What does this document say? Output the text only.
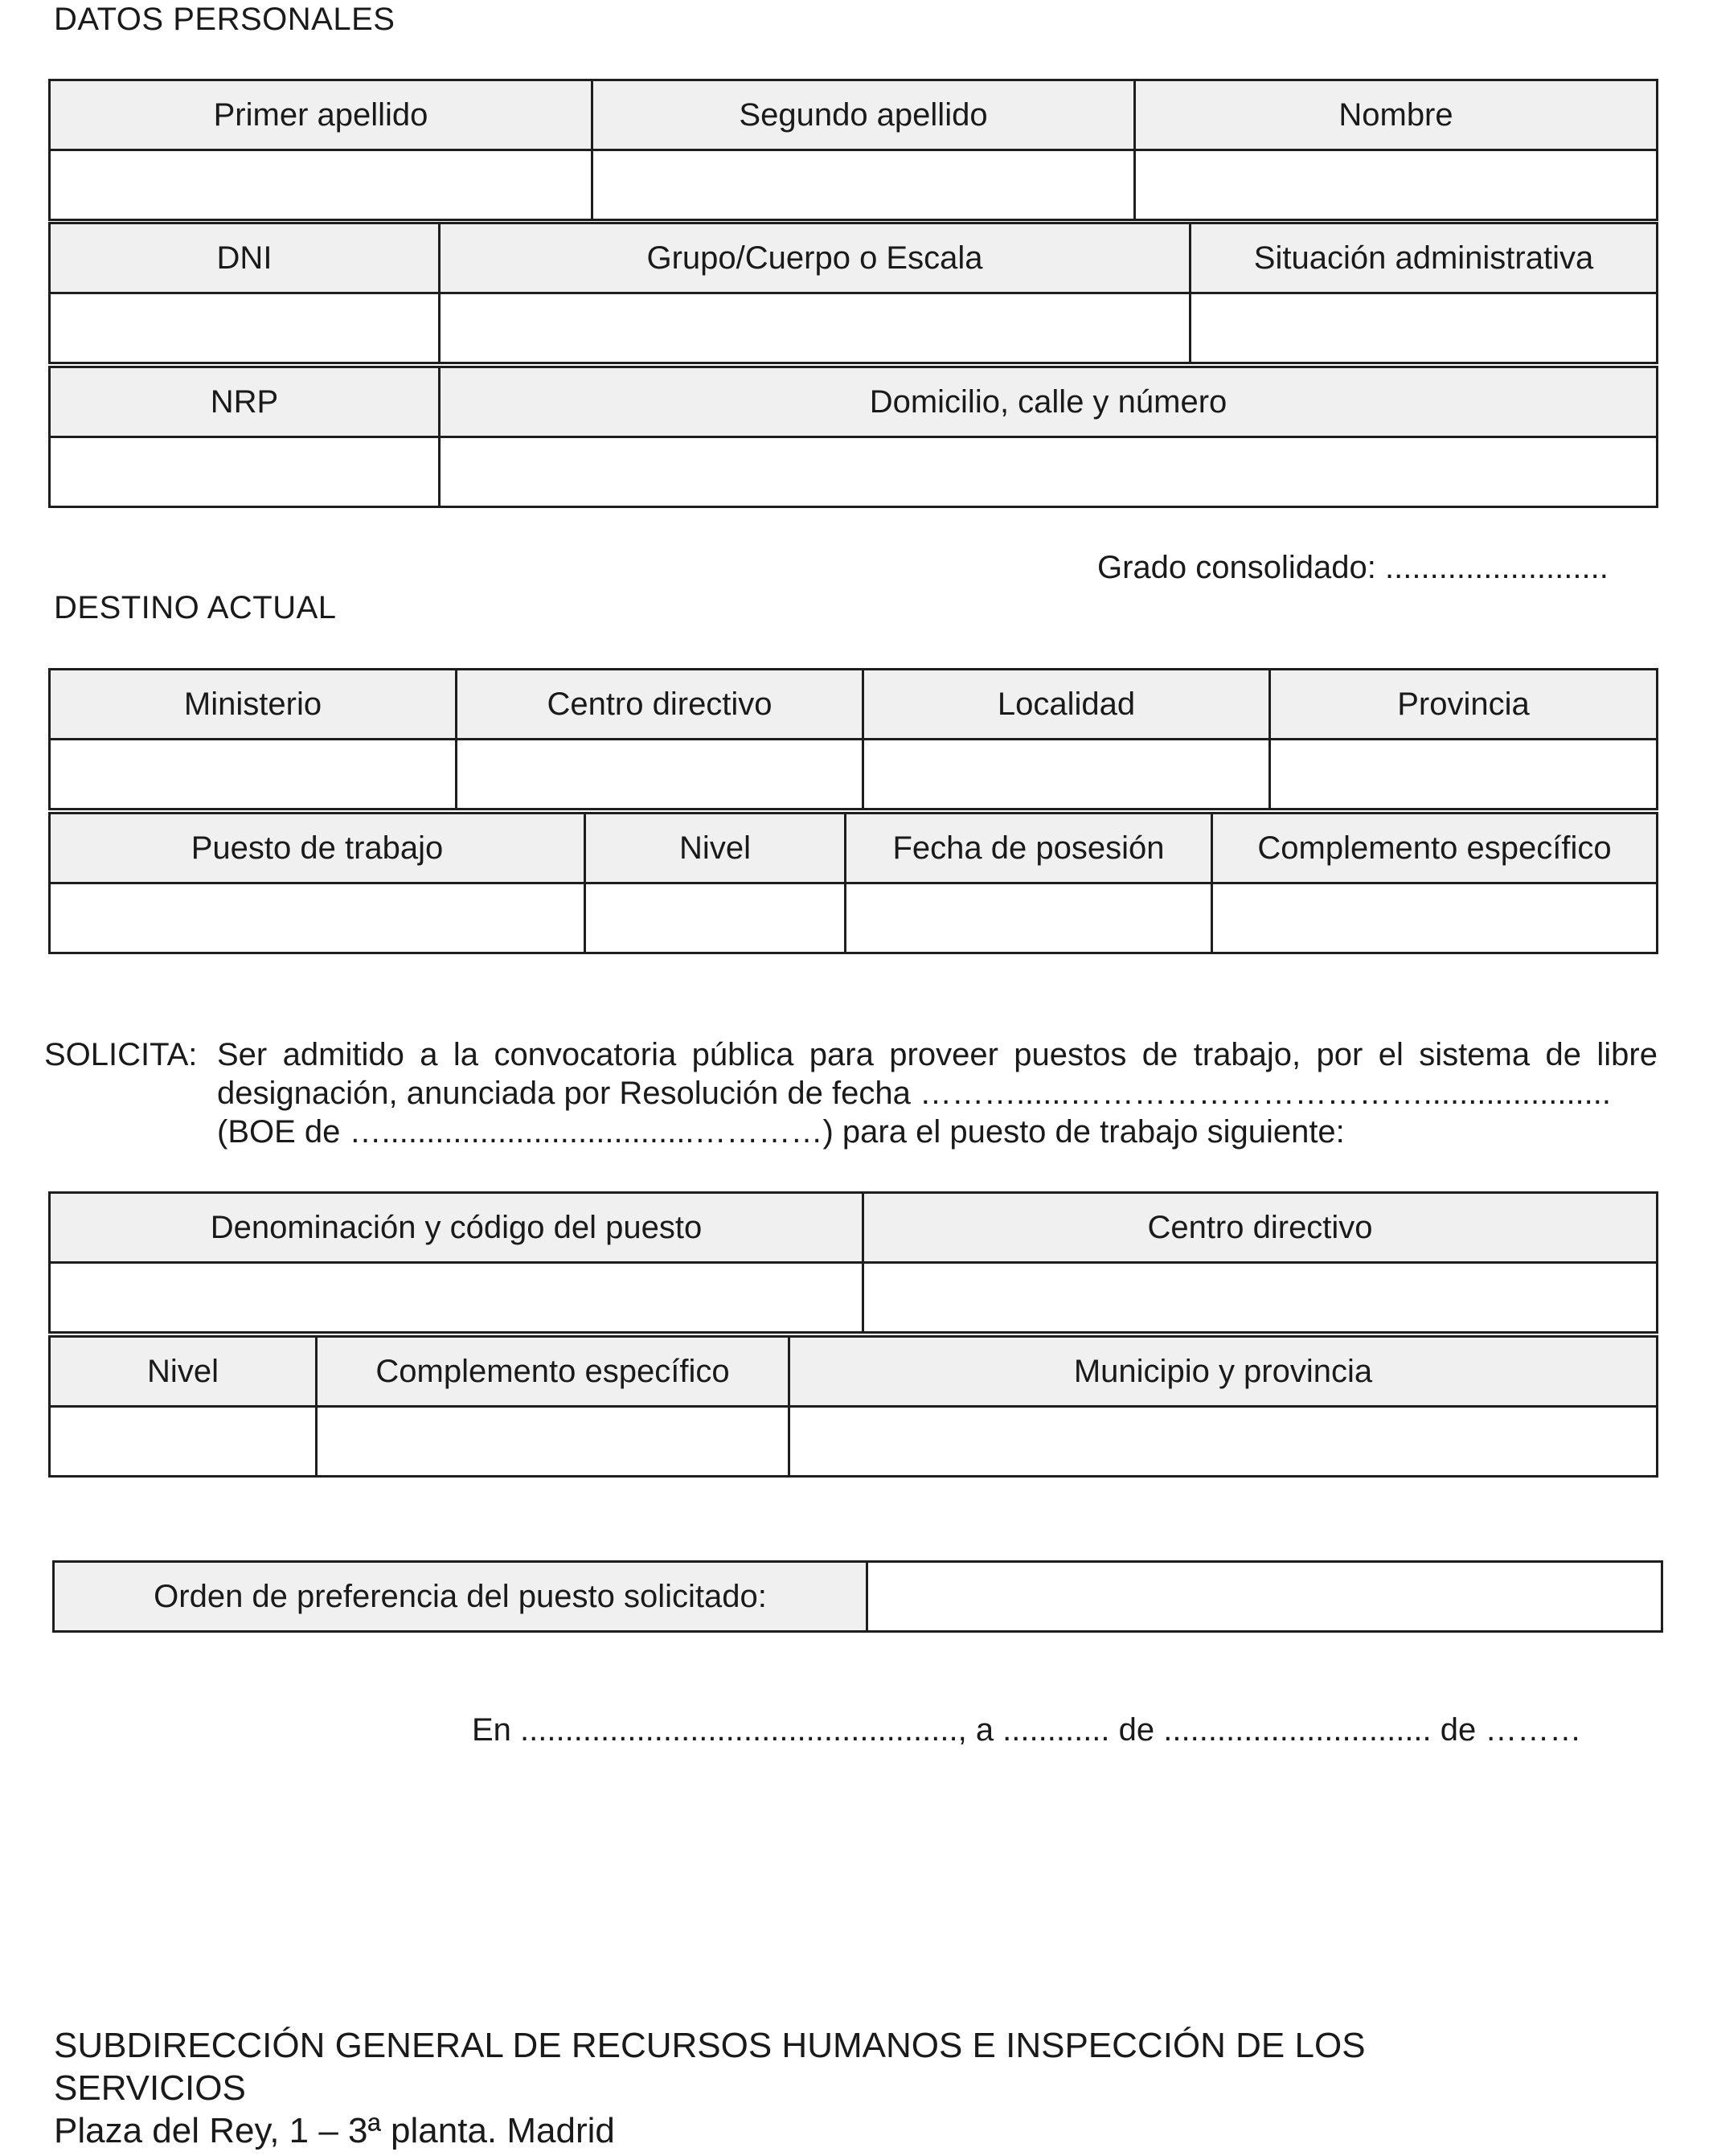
DATOS PERSONALES
Primer apellido	Segundo apellido	Nombre

DNI	Grupo/Cuerpo o Escala	Situación administrativa

NRP	Domicilio, calle y número

Grado consolidado: .........................
DESTINO ACTUAL
Ministerio	Centro directivo	Localidad	Provincia

Puesto de trabajo	Nivel	Fecha de posesión	Complemento específico

SOLICITA: Ser admitido a la convocatoria pública para proveer puestos de trabajo, por el sistema de libre
designación, anunciada por Resolución de fecha ………......…………………………….....................
(BOE de …...................................…………) para el puesto de trabajo siguiente:
Denominación y código del puesto	Centro directivo

Nivel	Complemento específico	Municipio y provincia

Orden de preferencia del puesto solicitado:	
En ................................................., a ............ de .............................. de ………
SUBDIRECCIÓN GENERAL DE RECURSOS HUMANOS E INSPECCIÓN DE LOS
SERVICIOS
Plaza del Rey, 1 – 3ª planta. Madrid
